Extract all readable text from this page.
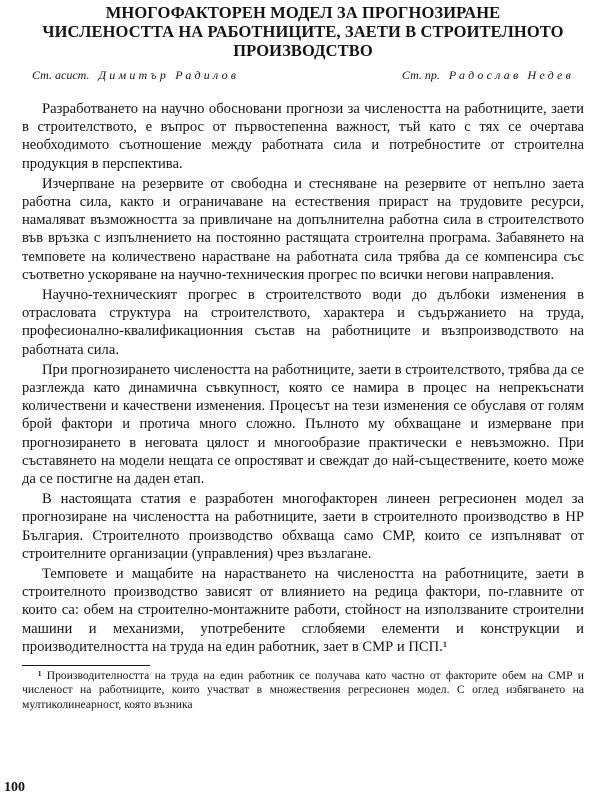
МНОГОФАКТОРЕН МОДЕЛ ЗА ПРОГНОЗИРАНЕ
ЧИСЛЕНОСТТА НА РАБОТНИЦИТЕ, ЗАЕТИ В СТРОИТЕЛНОТО
ПРОИЗВОДСТВО
Ст. асист. Димитър Радилов	Ст. пр. Радослав Недев

Разработването на научно обосновани прогнози за числеността на работниците, заети в строителството, е въпрос от първостепенна важност, тъй като с тях се очертава необходимото съотношение между работната сила и потребностите от строителна продукция в перспектива.

Изчерпване на резервите от свободна и стесняване на резервите от непълно заета работна сила, както и ограничаване на естествения прираст на трудовите ресурси, намаляват възможността за привличане на допълнителна работна сила в строителството във връзка с изпълнението на постоянно растящата строителна програма. Забавянето на темповете на количествено нарастване на работната сила трябва да се компенсира със съответно ускоряване на научно-техническия прогрес по всички негови направления.

Научно-техническият прогрес в строителството води до дълбоки изменения в отрасловата структура на строителството, характера и съдържанието на труда, професионално-квалификационния състав на работниците и възпроизводството на работната сила.

При прогнозирането числеността на работниците, заети в строителството, трябва да се разглежда като динамична съвкупност, която се намира в процес на непрекъснати количествени и качествени изменения. Процесът на тези изменения се обуславя от голям брой фактори и протича много сложно. Пълното му обхващане и измерване при прогнозирането в неговата цялост и многообразие практически е невъзможно. При съставянето на модели нещата се опростяват и свеждат до най-съществените, което може да се постигне на даден етап.

В настоящата статия е разработен многофакторен линеен регресионен модел за прогнозиране на числеността на работниците, заети в строителното производство в НР България. Строителното производство обхваща само СМР, които се изпълняват от строителните организации (управления) чрез възлагане.

Темповете и мащабите на нарастването на числеността на работниците, заети в строителното производство зависят от влиянието на редица фактори, по-главните от които са: обем на строително-монтажните работи, стойност на използваните строителни машини и механизми, употребените сглобяеми елементи и конструкции и производителността на труда на един работник, зает в СМР и ПСП.¹

¹ Производителността на труда на един работник се получава като частно от факторите обем на СМР и численост на работниците, които участват в множествения регресионен модел. С оглед избягването на мултиколинеарност, която възника
100
